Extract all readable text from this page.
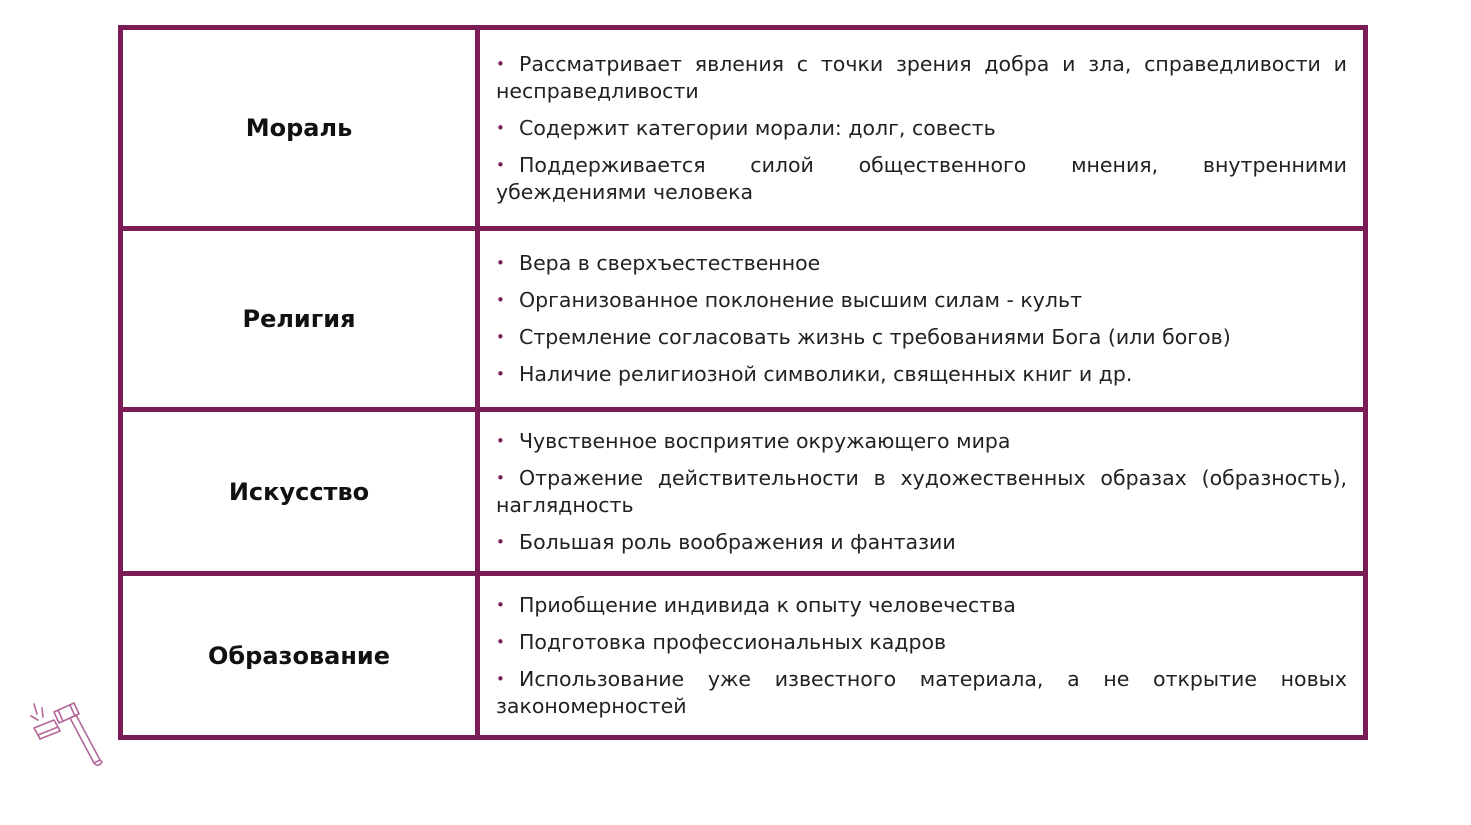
Мораль
• Рассматривает явления с точки зрения добра и зла, справедливости и несправедливости
• Содержит категории морали: долг, совесть
• Поддерживается силой общественного мнения, внутренними убеждениями человека
Религия
• Вера в сверхъестественное
• Организованное поклонение высшим силам - культ
• Стремление согласовать жизнь с требованиями Бога (или богов)
• Наличие религиозной символики, священных книг и др.
Искусство
• Чувственное восприятие окружающего мира
• Отражение действительности в художественных образах (образность), наглядность
• Большая роль воображения и фантазии
Образование
• Приобщение индивида к опыту человечества
• Подготовка профессиональных кадров
• Использование уже известного материала, а не открытие новых закономерностей
